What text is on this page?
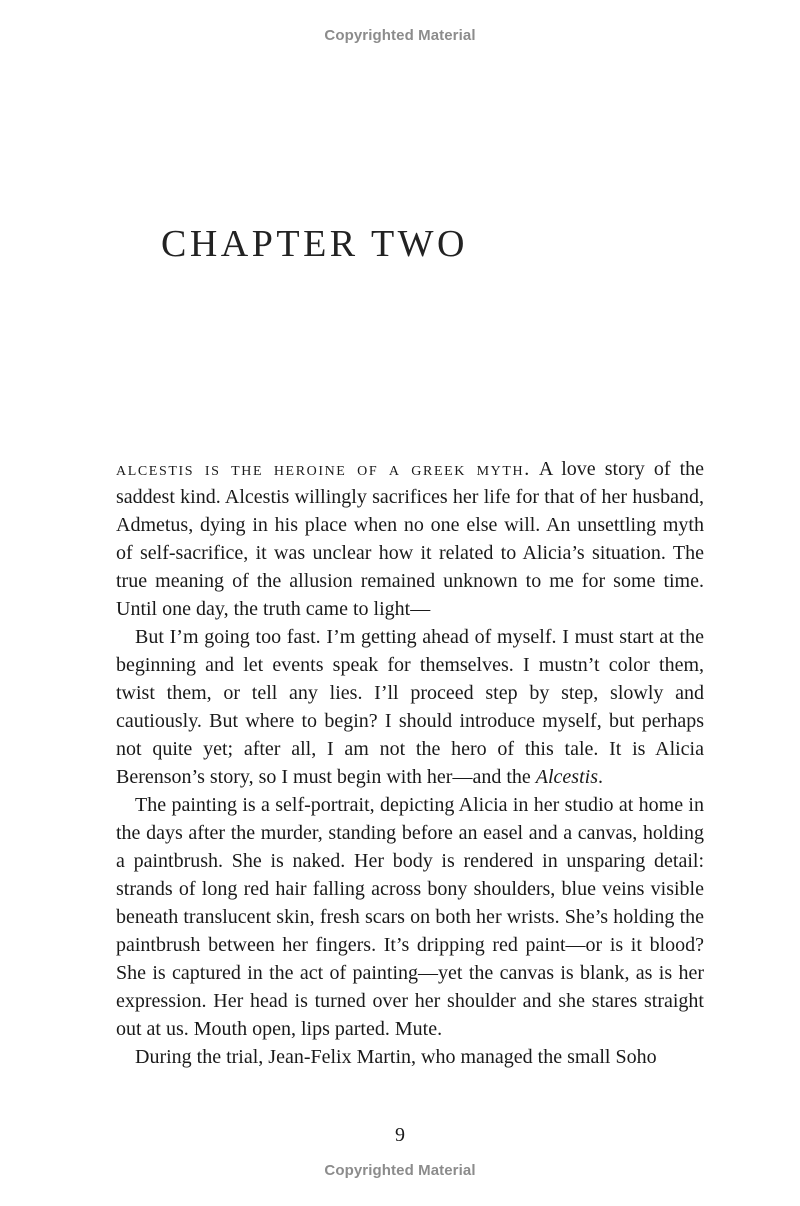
Copyrighted Material
CHAPTER TWO

alcestis is the heroine of a greek myth. A love story of the saddest kind. Alcestis willingly sacrifices her life for that of her husband, Admetus, dying in his place when no one else will. An unsettling myth of self-sacrifice, it was unclear how it related to Alicia’s situation. The true meaning of the allusion remained unknown to me for some time. Until one day, the truth came to light—

But I’m going too fast. I’m getting ahead of myself. I must start at the beginning and let events speak for themselves. I mustn’t color them, twist them, or tell any lies. I’ll proceed step by step, slowly and cautiously. But where to begin? I should introduce myself, but perhaps not quite yet; after all, I am not the hero of this tale. It is Alicia Berenson’s story, so I must begin with her—and the Alcestis.

The painting is a self-portrait, depicting Alicia in her studio at home in the days after the murder, standing before an easel and a canvas, holding a paintbrush. She is naked. Her body is rendered in unsparing detail: strands of long red hair falling across bony shoulders, blue veins visible beneath translucent skin, fresh scars on both her wrists. She’s holding the paintbrush between her fingers. It’s dripping red paint—or is it blood? She is captured in the act of painting—yet the canvas is blank, as is her expression. Her head is turned over her shoulder and she stares straight out at us. Mouth open, lips parted. Mute.

During the trial, Jean-Felix Martin, who managed the small Soho

9
Copyrighted Material
